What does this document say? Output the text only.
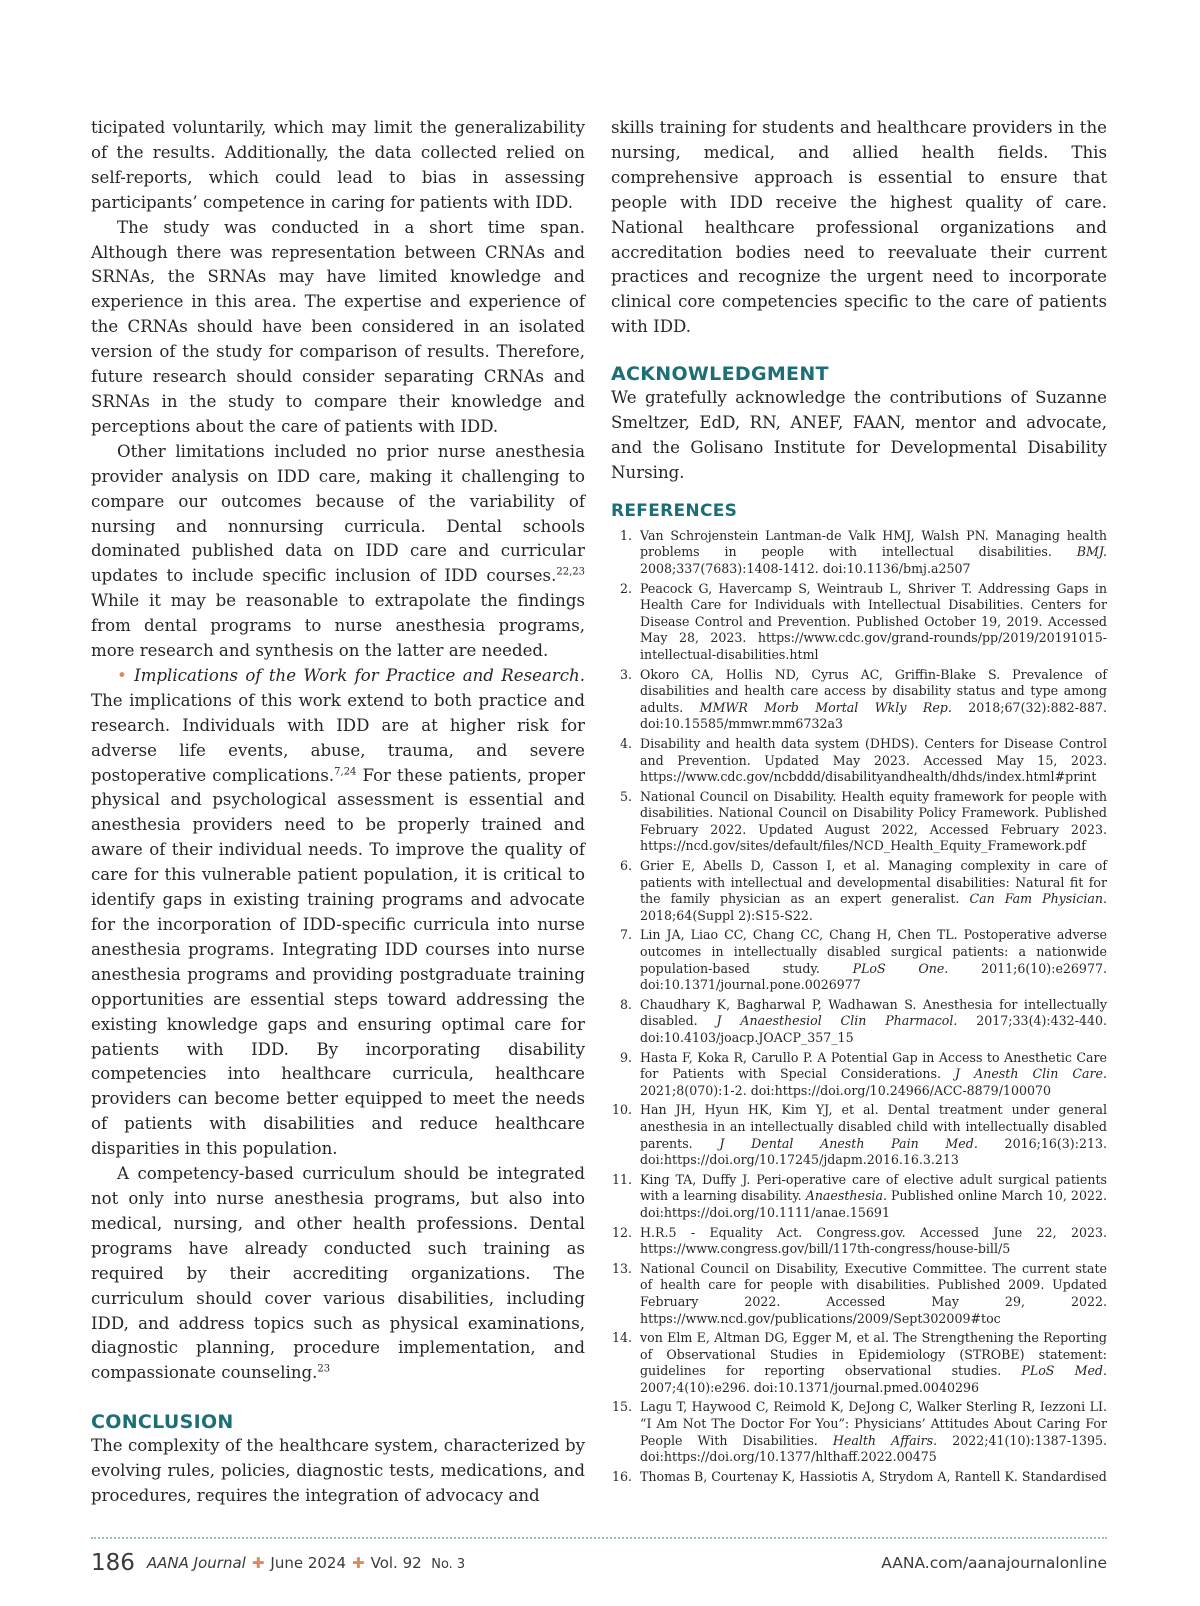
ticipated voluntarily, which may limit the generalizability of the results. Additionally, the data collected relied on self-reports, which could lead to bias in assessing participants’ competence in caring for patients with IDD.

The study was conducted in a short time span. Although there was representation between CRNAs and SRNAs, the SRNAs may have limited knowledge and experience in this area. The expertise and experience of the CRNAs should have been considered in an isolated version of the study for comparison of results. Therefore, future research should consider separating CRNAs and SRNAs in the study to compare their knowledge and perceptions about the care of patients with IDD.

Other limitations included no prior nurse anesthesia provider analysis on IDD care, making it challenging to compare our outcomes because of the variability of nursing and nonnursing curricula. Dental schools dominated published data on IDD care and curricular updates to include specific inclusion of IDD courses.$^{22,23}$ While it may be reasonable to extrapolate the findings from dental programs to nurse anesthesia programs, more research and synthesis on the latter are needed.

• Implications of the Work for Practice and Research. The implications of this work extend to both practice and research. Individuals with IDD are at higher risk for adverse life events, abuse, trauma, and severe postoperative complications.$^{7,24}$ For these patients, proper physical and psychological assessment is essential and anesthesia providers need to be properly trained and aware of their individual needs. To improve the quality of care for this vulnerable patient population, it is critical to identify gaps in existing training programs and advocate for the incorporation of IDD-specific curricula into nurse anesthesia programs. Integrating IDD courses into nurse anesthesia programs and providing postgraduate training opportunities are essential steps toward addressing the existing knowledge gaps and ensuring optimal care for patients with IDD. By incorporating disability competencies into healthcare curricula, healthcare providers can become better equipped to meet the needs of patients with disabilities and reduce healthcare disparities in this population.

A competency-based curriculum should be integrated not only into nurse anesthesia programs, but also into medical, nursing, and other health professions. Dental programs have already conducted such training as required by their accrediting organizations. The curriculum should cover various disabilities, including IDD, and address topics such as physical examinations, diagnostic planning, procedure implementation, and compassionate counseling.$^{23}$

CONCLUSION

The complexity of the healthcare system, characterized by evolving rules, policies, diagnostic tests, medications, and procedures, requires the integration of advocacy and

skills training for students and healthcare providers in the nursing, medical, and allied health fields. This comprehensive approach is essential to ensure that people with IDD receive the highest quality of care. National healthcare professional organizations and accreditation bodies need to reevaluate their current practices and recognize the urgent need to incorporate clinical core competencies specific to the care of patients with IDD.

ACKNOWLEDGMENT

We gratefully acknowledge the contributions of Suzanne Smeltzer, EdD, RN, ANEF, FAAN, mentor and advocate, and the Golisano Institute for Developmental Disability Nursing.

REFERENCES
1. Van Schrojenstein Lantman-de Valk HMJ, Walsh PN. Managing health problems in people with intellectual disabilities. BMJ. 2008;337(7683):1408-1412. doi:10.1136/bmj.a2507
2. Peacock G, Havercamp S, Weintraub L, Shriver T. Addressing Gaps in Health Care for Individuals with Intellectual Disabilities. Centers for Disease Control and Prevention. Published October 19, 2019. Accessed May 28, 2023. https://www.cdc.gov/grand-rounds/pp/2019/20191015-intellectual-disabilities.html
3. Okoro CA, Hollis ND, Cyrus AC, Griffin-Blake S. Prevalence of disabilities and health care access by disability status and type among adults. MMWR Morb Mortal Wkly Rep. 2018;67(32):882-887. doi:10.15585/mmwr.mm6732a3
4. Disability and health data system (DHDS). Centers for Disease Control and Prevention. Updated May 2023. Accessed May 15, 2023. https://www.cdc.gov/ncbddd/disabilityandhealth/dhds/index.html#print
5. National Council on Disability. Health equity framework for people with disabilities. National Council on Disability Policy Framework. Published February 2022. Updated August 2022, Accessed February 2023. https://ncd.gov/sites/default/files/NCD_Health_Equity_Framework.pdf
6. Grier E, Abells D, Casson I, et al. Managing complexity in care of patients with intellectual and developmental disabilities: Natural fit for the family physician as an expert generalist. Can Fam Physician. 2018;64(Suppl 2):S15-S22.
7. Lin JA, Liao CC, Chang CC, Chang H, Chen TL. Postoperative adverse outcomes in intellectually disabled surgical patients: a nationwide population-based study. PLoS One. 2011;6(10):e26977. doi:10.1371/journal.pone.0026977
8. Chaudhary K, Bagharwal P, Wadhawan S. Anesthesia for intellectually disabled. J Anaesthesiol Clin Pharmacol. 2017;33(4):432-440. doi:10.4103/joacp.JOACP_357_15
9. Hasta F, Koka R, Carullo P. A Potential Gap in Access to Anesthetic Care for Patients with Special Considerations. J Anesth Clin Care. 2021;8(070):1-2. doi:https://doi.org/10.24966/ACC-8879/100070
10. Han JH, Hyun HK, Kim YJ, et al. Dental treatment under general anesthesia in an intellectually disabled child with intellectually disabled parents. J Dental Anesth Pain Med. 2016;16(3):213. doi:https://doi.org/10.17245/jdapm.2016.16.3.213
11. King TA, Duffy J. Peri-operative care of elective adult surgical patients with a learning disability. Anaesthesia. Published online March 10, 2022. doi:https://doi.org/10.1111/anae.15691
12. H.R.5 - Equality Act. Congress.gov. Accessed June 22, 2023. https://www.congress.gov/bill/117th-congress/house-bill/5
13. National Council on Disability, Executive Committee. The current state of health care for people with disabilities. Published 2009. Updated February 2022. Accessed May 29, 2022. https://www.ncd.gov/publications/2009/Sept302009#toc
14. von Elm E, Altman DG, Egger M, et al. The Strengthening the Reporting of Observational Studies in Epidemiology (STROBE) statement: guidelines for reporting observational studies. PLoS Med. 2007;4(10):e296. doi:10.1371/journal.pmed.0040296
15. Lagu T, Haywood C, Reimold K, DeJong C, Walker Sterling R, Iezzoni LI. “I Am Not The Doctor For You”: Physicians’ Attitudes About Caring For People With Disabilities. Health Affairs. 2022;41(10):1387-1395. doi:https://doi.org/10.1377/hlthaff.2022.00475
16. Thomas B, Courtenay K, Hassiotis A, Strydom A, Rantell K. Standardised
186 AANA Journal ✚ June 2024 ✚ Vol. 92 No. 3	AANA.com/aanajournalonline
